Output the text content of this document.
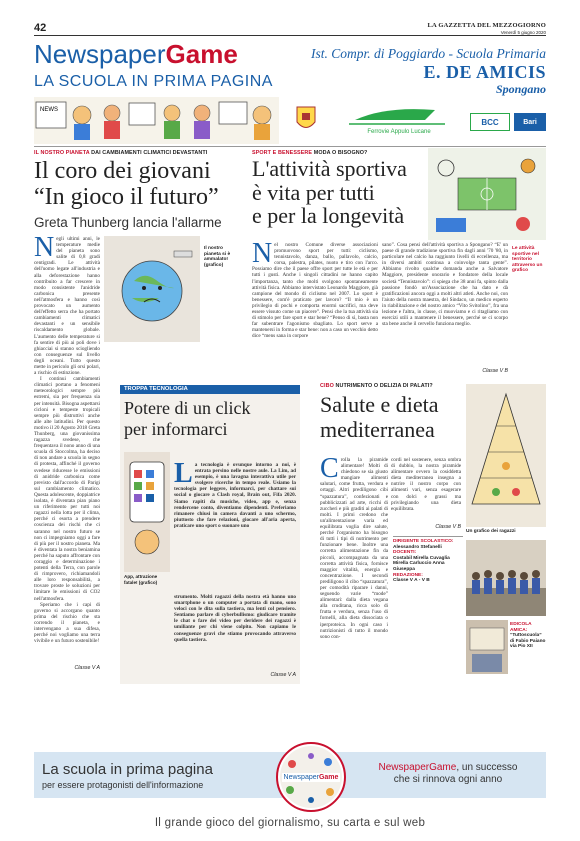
42	LA GAZZETTA DEL MEZZOGIORNO
Venerdì 5 giugno 2020
NewspaperGame
LA SCUOLA IN PRIMA PAGINA
Ist. Compr. di Poggiardo - Scuola Primaria
E. DE AMICIS
Spongano
NEWS
Ferrovie Appulo Lucane
BCC	Bari
IL NOSTRO PIANETA DAI CAMBIAMENTI CLIMATICI DEVASTANTI
Il coro dei giovani
“In gioco il futuro”
Greta Thunberg lancia l'allarme
N egli ultimi anni, le temperature medie del pianeta sono salite di 0,8 gradi centigradi. Le attività dell'uomo legate all'industria e alla deforestazione hanno contribuito a far crescere in modo consistente l'anidride carbonica presente nell'atmosfera e hanno così provocato un aumento dell'effetto serra che ha portato cambiamenti climatici devastanti e un sensibile riscaldamento globale. L'aumento delle temperature si fa sentire di più ai poli dove i ghiacciai si stanno sciogliendo con conseguenze sul livello degli oceani. Tutto questo mette in pericolo gli orsi polari, a rischio di estinzione.

I continui cambiamenti climatici portano a fenomeni meteorologici sempre più estremi, sia per frequenza sia per intensità. Bisogna aspettarsi cicloni e tempeste tropicali sempre più distruttivi anche alle alte latitudini. Per questo motivo il 20 Agosto 2018 Greta Thunberg, una giovanissima ragazza svedese, che frequentava il nono anno di una scuola di Stoccolma, ha deciso di non andare a scuola in segno di protesta, affinché il governo svedese riducesse le emissioni di anidride carbonica come previsto dall'accordo di Parigi sul cambiamento climatico. Questa adolescente, doppiatrice isolata, è diventata pian piano un riferimento per tutti noi ragazzi nella lotta per il clima, perché ci esorta a prendere coscienza dei rischi che ci saranno nel nostro futuro se non ci impegniamo oggi a fare di più per il nostro pianeta. Ma è diventata la nostra beniamina perché ha saputo affrontare con coraggio e determinazione i potenti della Terra, con parole di rimprovero, richiamandoli alle loro responsabilità, a trovare proste le soluzioni per limitare le emissioni di CO2 nell'atmosfera.

Speriamo che i capi di governo si accorgano quanto prima del rischio che sta correndo il pianeta, e intervengano a sua difesa, perché noi vogliamo una terra vivibile e un futuro sostenibile!

Classe V A
Il nostro pianeta si è ammalato! (grafico)
SPORT E BENESSERE MODA O BISOGNO?
L'attività sportiva
è vita per tutti
e per la longevità
N el nostro Comune diverse associazioni promuovono sport per tutti: ciclismo, tennistavolo, danza, ballo, pallavolo, calcio, corsa, palestra, pilates, nuoto e tiro con l'arco. Possiamo dire che il paese offre sport per tutte le età e per tutti i gusti. Anche i singoli cittadini ne hanno capito l'importanza, tanto che molti svolgono spontaneamente attività fisica. Abbiamo intervistato Leonardo Maggiore, già campione del mondo di ciclismo nel 2007. Lo sport è benessere, com'è praticato per lavoro? “Il mio è un privilegio di pochi e comporta enormi sacrifici, ma deve essere vissuto come un piacere”. Pensi che la tua attività sia di stimolo per fare sport e star bene? “Penso di sì, basta non far subentrare l'agonismo sbagliato. Lo sport serve a mantenersi in forma e star bene: non a caso un vecchio detto dice “mens sana in corpore
sano”. Cosa pensi dell'attività sportiva a Spongano? “E' un paese di grande tradizione sportiva fin dagli anni '70 '80, in particolare nel calcio ha raggiunto livelli di eccellenza, ma in diversi ambiti continua a coinvolge tanta gente”. Abbiamo rivolto qualche domanda anche a Salvatore Maggiore, presidente onorario e fondatore della locale società “Tennistavolo”: ci spiega che 38 anni fa, spinto dalla passione fondò un'Associazione che ha dato e dà gratificazioni ancora oggi a molti altri atleti. Anche noi, con l'aiuto della nostra maestra, del Sindaco, un medico esperto in riabilitazione e del nostro amico “Vito Svitolino”, fra una lezione e l'altra, in classe, ci muoviamo e ci ritagliamo con esercizi utili a mantenere il benessere, perché se ci scorpo sta bene anche il cervello funziona meglio.
Classe V B
Le attività sportive nel territorio attraverso un grafico
TROPPA TECNOLOGIA
Potere di un click
per informarci
App, attrazione fatale! (grafico)
L a tecnologia è ovunque intorno a noi, è entrata persino nelle nostre aule. La Lim, ad esempio, è una lavagna interattiva utile per svolgere ricerche in tempo reale. Usiamo la tecnologia per leggere, informarci, per chattare sui social o giocare a Clash royal, Brain out, Fifa 2020. Siamo rapiti da musiche, video, app e, senza rendercene conto, diventiamo dipendenti. Preferiamo rimanere chiusi in camera davanti a uno schermo, piuttosto che fare relazioni, giocare all'aria aperta, praticare uno sport o suonare uno
strumento. Molti ragazzi della nostra età hanno uno smartphone o un computer a portata di mano, sono veloci con le dita sulla tastiera, ma lenti col pensiero. Sentiamo parlare di cyberbullismo: giudicare tramite le chat o fare dei video per deridere dei ragazzi è umiliante per chi viene colpito. Non capiamo le conseguenze gravi che stiamo provocando attraverso quella tastiera.
Classe V A
CIBO NUTRIMENTO O DELIZIA DI PALATI?
Salute e dieta
mediterranea
C rolla la piramide alimentare! Molti di chiedono se sia giusto mangiare alimenti salutari, come frutta, verdura e ortaggi. Altri prediligono cibi “spazzatura”, confezionati e pubblicizzati ad arte, ricchi di zuccheri e più graditi ai palati di molti. I primi credono che un'alimentazione varia ed equilibrata voglia dire salute, perché l'organismo ha bisogno di tutti i tipi di nutrimento per funzionare bene. Inoltre una corretta alimentazione fin da piccoli, accompagnata da una corretta attività fisica, fornisce maggior vitalità, energia e concentrazione. I secondi prediligono il cibo “spazzatura”, per comodità riparare i danni, seguendo varie “mode” alimentari: dalla dieta vegana alla cruditana, ricca solo di frutta e verdura, senza l'uso di fornelli, alla dieta dissociata o iperproteica. In ogni caso i nutrizionisti di tutto il mondo sono con-
cordi nel sostenere, senza ombra di dubbio, la nostra piramide alimentare ovvero la cosiddetta dieta mediterranea insegna a nutrire il nostro corpo con alimenti vari, senza esagerare con dolci e grassi ma privilegiando una dieta equilibrata.
Classe V B
Un grafico dei ragazzi
DIRIGENTE SCOLASTICO:
Alessandro Stefanelli
DOCENTI:
Costabil Mirella Cuvaglia Mirella Carluccio Anna Giuseppa
REDAZIONE:
Classe V A - V B
EDICOLA AMICA:
“Tuttoscuola” di Fabio Paiano via Pio XII
La scuola in prima pagina
per essere protagonisti dell'informazione
NewspaperGame
NewspaperGame, un successo
che si rinnova ogni anno
Il grande gioco del giornalismo, su carta e sul web
